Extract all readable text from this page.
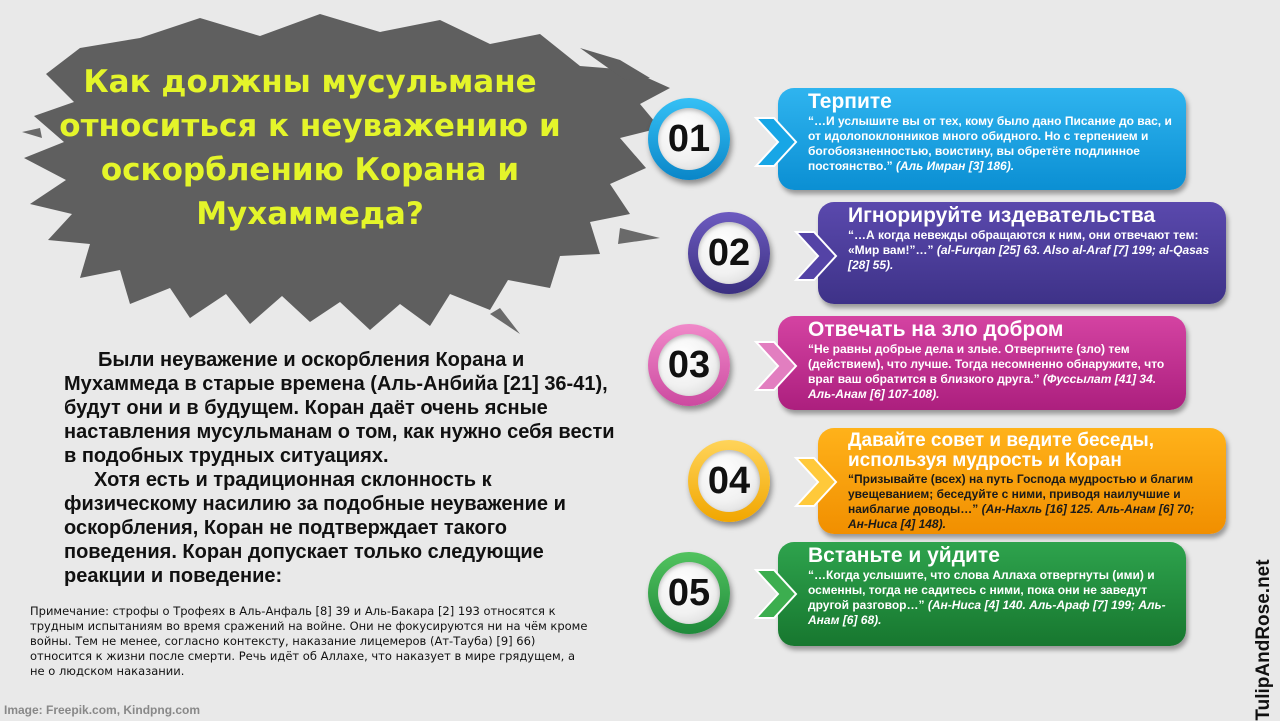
Как должны мусульмане относиться к неуважению и оскорблению Корана и Мухаммеда?

Были неуважение и оскорбления Корана и Мухаммеда в старые времена (Аль-Анбийа [21] 36-41), будут они и в будущем. Коран даёт очень ясные наставления мусульманам о том, как нужно себя вести в подобных трудных ситуациях.

Хотя есть и традиционная склонность к физическому насилию за подобные неуважение и оскорбления, Коран не подтверждает такого поведения. Коран допускает только следующие реакции и поведение:

Примечание: строфы о Трофеях в Аль-Анфаль [8] 39 и Аль-Бакара [2] 193 относятся к трудным испытаниям во время сражений на войне. Они не фокусируются ни на чём кроме войны. Тем не менее, согласно контексту, наказание лицемеров (Ат-Тауба) [9] 66) относится к жизни после смерти. Речь идёт об Аллахе, что наказует в мире грядущем, а не о людском наказании.
Image: Freepik.com, Kindpng.com	TulipAndRose.net
Терпите
“…И услышите вы от тех, кому было дано Писание до вас, и от идолопоклонников много обидного. Но с терпением и богобоязненностью, воистину, вы обретёте подлинное постоянство.” (Аль Имран [3] 186).
01
Игнорируйте издевательства
“…А когда невежды обращаются к ним, они отвечают тем: «Мир вам!”…” (al-Furqan [25] 63. Also al-Araf [7] 199; al-Qasas [28] 55).
02
Отвечать на зло добром
“Не равны добрые дела и злые. Отвергните (зло) тем (действием), что лучше. Тогда несомненно обнаружите, что враг ваш обратится в близкого друга.” (Фуссылат [41] 34. Аль-Анам [6] 107-108).
03
Давайте совет и ведите беседы, используя мудрость и Коран
“Призывайте (всех) на путь Господа мудростью и благим увещеванием; беседуйте с ними, приводя наилучшие и наиблагие доводы…” (Ан-Нахль [16] 125. Аль-Анам [6] 70; Ан-Ниса [4] 148).
04
Встаньте и уйдите
“…Когда услышите, что слова Аллаха отвергнуты (ими) и осменны, тогда не садитесь с ними, пока они не заведут другой разговор…” (Ан-Ниса [4] 140. Аль-Араф [7] 199; Аль-Анам [6] 68).
05
